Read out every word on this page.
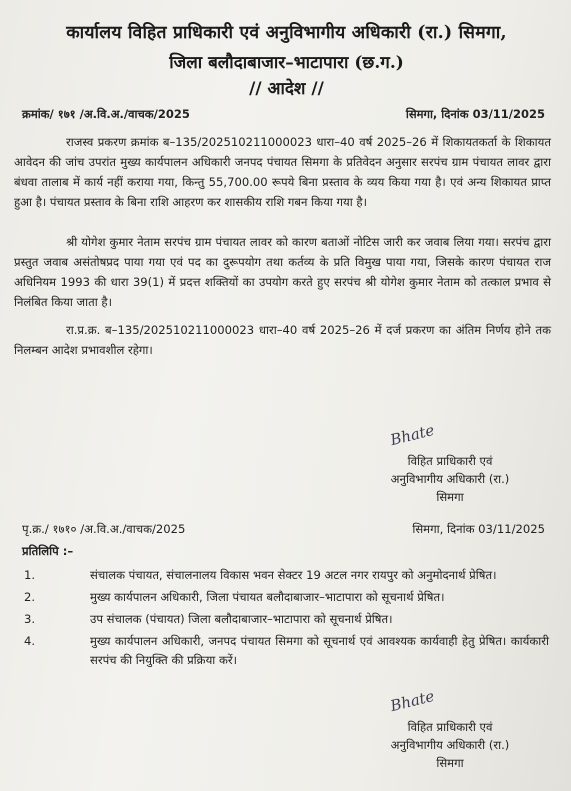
कार्यालय विहित प्राधिकारी एवं अनुविभागीय अधिकारी (रा.) सिमगा,
जिला बलौदाबाजार–भाटापारा (छ.ग.)
// आदेश //
क्रमांक/ १७१ /अ.वि.अ./वाचक/2025	सिमगा, दिनांक 03/11/2025

राजस्व प्रकरण क्रमांक ब–135/202510211000023 धारा–40 वर्ष 2025–26 में शिकायतकर्ता के शिकायत आवेदन की जांच उपरांत मुख्य कार्यपालन अधिकारी जनपद पंचायत सिमगा के प्रतिवेदन अनुसार सरपंच ग्राम पंचायत लावर द्वारा बंधवा तालाब में कार्य नहीं कराया गया, किन्तु 55,700.00 रूपये बिना प्रस्ताव के व्यय किया गया है। एवं अन्य शिकायत प्राप्त हुआ है। पंचायत प्रस्ताव के बिना राशि आहरण कर शासकीय राशि गबन किया गया है।

श्री योगेश कुमार नेताम सरपंच ग्राम पंचायत लावर को कारण बताओं नोटिस जारी कर जवाब लिया गया। सरपंच द्वारा प्रस्तुत जवाब असंतोषप्रद पाया गया एवं पद का दुरूपयोग तथा कर्तव्य के प्रति विमुख पाया गया, जिसके कारण पंचायत राज अधिनियम 1993 की धारा 39(1) में प्रदत्त शक्तियों का उपयोग करते हुए सरपंच श्री योगेश कुमार नेताम को तत्काल प्रभाव से निलंबित किया जाता है।

रा.प्र.क्र. ब–135/202510211000023 धारा–40 वर्ष 2025–26 में दर्ज प्रकरण का अंतिम निर्णय होने तक निलम्बन आदेश प्रभावशील रहेगा।

Bhate
विहित प्राधिकारी एवं
अनुविभागीय अधिकारी (रा.)
सिमगा
पृ.क्र./ १७१० /अ.वि.अ./वाचक/2025	सिमगा, दिनांक 03/11/2025
प्रतिलिपि :–
1.	संचालक पंचायत, संचालनालय विकास भवन सेक्टर 19 अटल नगर रायपुर को अनुमोदनार्थ प्रेषित।
2.	मुख्य कार्यपालन अधिकारी, जिला पंचायत बलौदाबाजार–भाटापारा को सूचनार्थ प्रेषित।
3.	उप संचालक (पंचायत) जिला बलौदाबाजार–भाटापारा को सूचनार्थ प्रेषित।
4.	मुख्य कार्यपालन अधिकारी, जनपद पंचायत सिमगा को सूचनार्थ एवं आवश्यक कार्यवाही हेतु प्रेषित। कार्यकारी सरपंच की नियुक्ति की प्रक्रिया करें।
Bhate
विहित प्राधिकारी एवं
अनुविभागीय अधिकारी (रा.)
सिमगा
